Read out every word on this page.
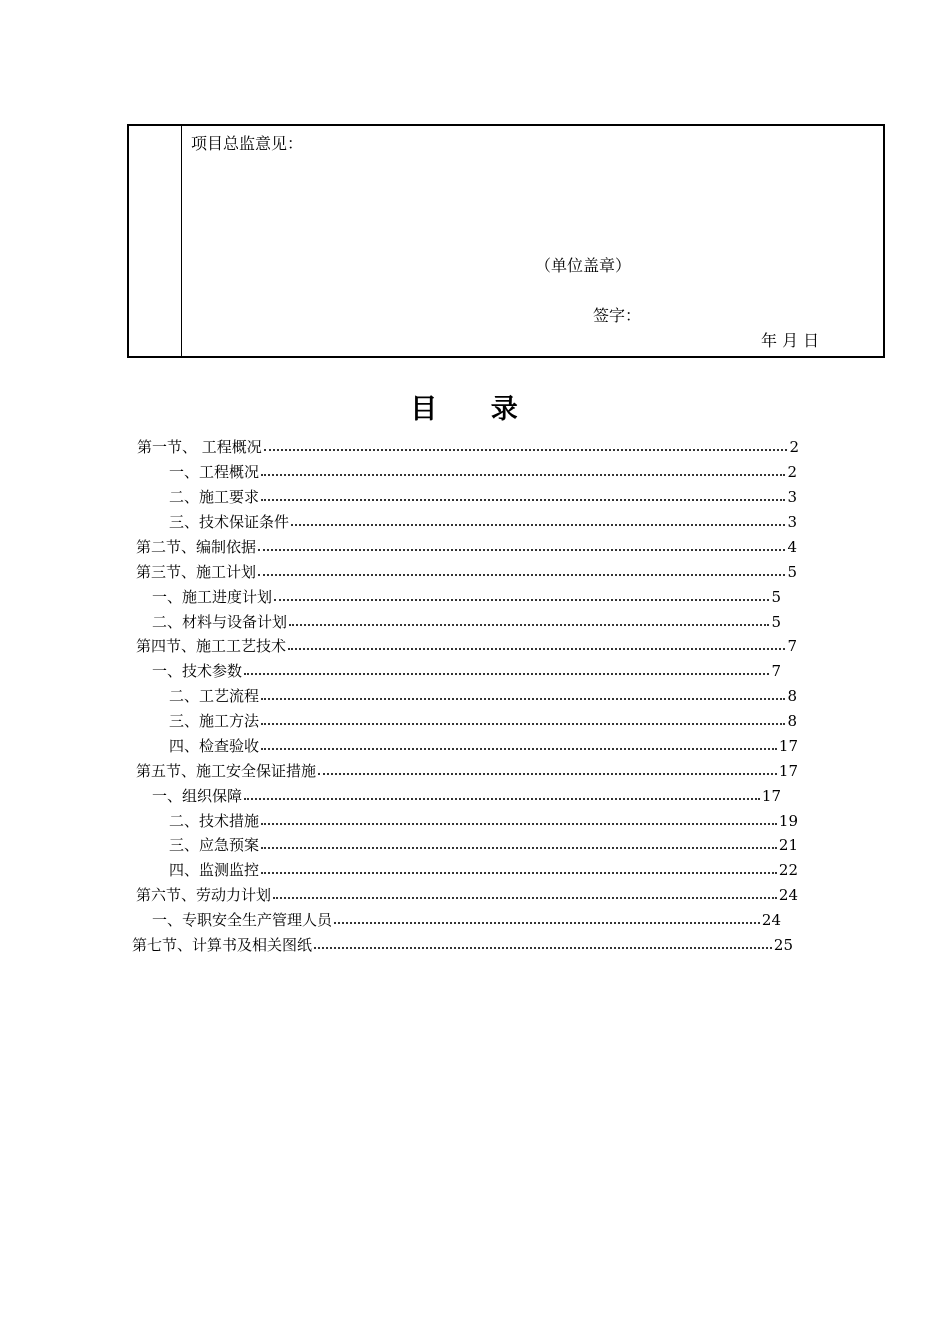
项目总监意见：
（单位盖章）
签字：
年 月 日
目 录
第一节、 工程概况	2
一、工程概况	2
二、施工要求	3
三、技术保证条件	3
第二节、编制依据	4
第三节、施工计划	5
一、施工进度计划	5
二、材料与设备计划	5
第四节、施工工艺技术	7
一、技术参数	7
二、工艺流程	8
三、施工方法	8
四、检查验收	17
第五节、施工安全保证措施	17
一、组织保障	17
二、技术措施	19
三、应急预案	21
四、监测监控	22
第六节、劳动力计划	24
一、专职安全生产管理人员	24
第七节、计算书及相关图纸	25
